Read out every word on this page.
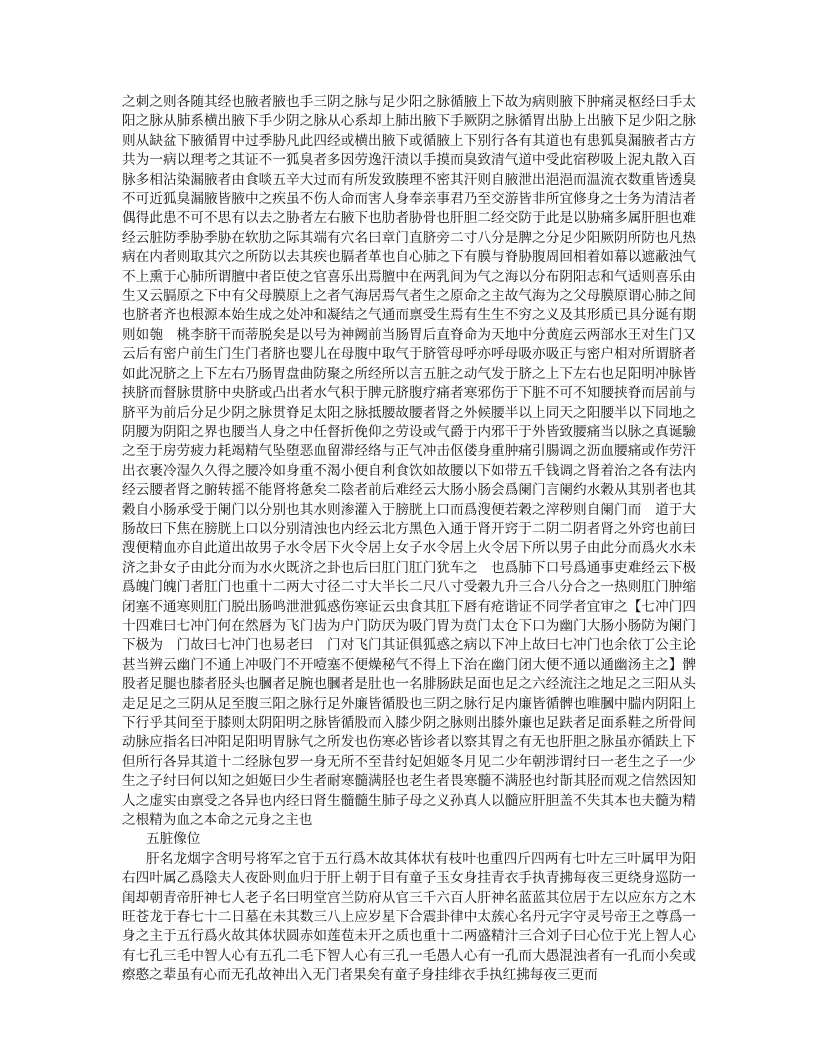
之刺之则各随其经也腋者腋也手三阴之脉与足少阳之脉循腋上下故为病则腋下肿痛灵枢经曰手太阳之脉从肺系横出腋下手少阴之脉从心系却上肺出腋下手厥阴之脉循胃出胁上出腋下足少阳之脉则从缺盆下腋循胃中过季胁凡此四经或横出腋下或循腋上下别行各有其道也有患狐臭漏腋者古方共为一病以理考之其证不一狐臭者多因劳逸汗渍以手摸而臭致清气道中受此宿秽吸上泥丸散入百脉多相沾染漏腋者由食啖五辛大过而有所发致腠理不密其汗则自腋泄出浥浥而温流衣数重皆透臭不可近狐臭漏腋皆腋中之疾虽不伤人命而害人身奉亲事君乃至交游皆非所宜修身之士务为清洁者偶得此患不可不思有以去之胁者左右腋下也肋者胁骨也肝胆二经交防于此是以胁痛多属肝胆也难经云脏防季胁季胁在软肋之际其端有穴名曰章门直脐旁二寸八分是脾之分足少阳厥阴所防也凡热病在内者则取其穴之所防以去其疾也膈者革也自心肺之下有膜与脊胁腹周回相着如幕以遮蔽浊气不上熏于心肺所谓膻中者臣使之官喜乐出焉膻中在两乳间为气之海以分布阴阳志和气适则喜乐由生又云膈原之下中有父母膜原上之者气海居焉气者生之原命之主故气海为之父母膜原谓心肺之间也脐者齐也根源本始生成之处冲和凝结之气通而禀受生焉有生生不穷之义及其形质已具分诞有期则如匏　桃李脐干而蒂脱矣是以号为神阙前当肠胃后直脊命为天地中分黄庭云两部水王对生门又云后有密户前生门生门者脐也婴儿在母腹中取气于脐管母呼亦呼母吸亦吸正与密户相对所谓脐者如此况脐之上下左右乃肠胃盘曲防聚之所经所以言五脏之动气发于脐之上下左右也足阳明冲脉皆挟脐而督脉贯脐中央脐或凸出者水气积于脾元脐腹疗痛者寒邪伤于下脏不可不知腰挟脊而居前与脐平为前后分足少阴之脉贯脊足太阳之脉抵腰故腰者肾之外候腰半以上同天之阳腰半以下同地之阴腰为阴阳之界也腰当人身之中任督折俛仰之劳设或气爵于内邪干于外皆致腰痛当以脉之真诞驗之至于房劳疲力耗竭精气坠堕恶血留滞经络与正气冲击伛偻身重肿痛引腸调之沥血腰痛或作劳汗出衣裹冷湿久久得之腰冷如身重不渴小便自利食饮如故腰以下如带五千钱调之肾着治之各有法内经云腰者肾之腑转摇不能肾将惫矣二陰者前后难经云大肠小肠会爲阑门言阑约水穀从其别者也其穀自小肠承受于阑门以分别也其水则渗灌入于膀胱上口而爲溲便若穀之滓秽则自阑门而　道于大肠故曰下焦在膀胱上口以分别清浊也内经云北方黑色入通于肾开窍于二阴二阴者肾之外窍也前曰溲便精血亦自此道出故男子水令居下火令居上女子水令居上火令居下所以男子由此分而爲火水未济之卦女子由此分而为水火既济之卦也后曰肛门肛门犹车之　也爲肺下口号爲通事吏难经云下极爲魄门魄门者肛门也重十二两大寸径二寸大半长二尺八寸受穀九升三合八分合之一热则肛门肿缩闭塞不通寒则肛门脱出肠鸣泄泄狐惑伤寒证云虫食其肛下唇有疮谐证不同学者宜审之【七冲门四十四难曰七冲门何在然唇为飞门齿为户门防厌为吸门胃为贲门太仓下口为幽门大肠小肠防为阑门下极为　门故曰七冲门也易老曰　门对飞门其证俱狐惑之病以下冲上故曰七冲门也余依丁公主论甚当辨云幽门不通上冲吸门不开噎塞不便燥秘气不得上下治在幽门闭大便不通以通幽汤主之】髀股者足腿也膝者胫头也膕者足腕也膕者是肚也一名腓肠趺足面也足之六经流注之地足之三阳从头走足足之三阴从足至腹三阳之脉行足外廉皆循股也三阴之脉行足内廉皆循髀也唯膕中腨内阴阳上下行乎其间至于膝则太阴阳明之脉皆循股而入膝少阴之脉则出膝外廉也足趺者足面系鞋之所骨间动脉应指名曰冲阳足阳明胃脉气之所发也伤寒必皆诊者以察其胃之有无也肝胆之脉虽亦循趺上下但所行各异其道十二经脉包罗一身无所不至昔纣妃妲姬冬月见二少年朝涉谓纣曰一老生之子一少生之子纣曰何以知之妲姬曰少生者耐寒髓满胫也老生者畏寒髓不满胫也纣斮其胫而观之信然因知人之虚实由禀受之各异也内经曰肾生髓髓生肺子母之义孙真人以髓应肝胆盖不失其本也夫髓为精之根精为血之本命之元身之主也

五脏像位

肝名龙烟字含明号将军之官于五行爲木故其体状有枝叶也重四斤四两有七叶左三叶属甲为阳右四叶属乙爲陰夫人夜卧则血归于肝上朝于目有童子玉女身挂青衣手执青拂每夜三更绕身巡防一闺却朝青帝肝神七人老子名曰明堂宫兰防府从官三千六百人肝神名蓝蓝其位居于左以应东方之木旺苍龙于春七十二日墓在未其数三八上应岁星下合震卦律中太蔟心名丹元字守灵号帝王之尊爲一身之主于五行爲火故其体状圆赤如莲苞未开之质也重十二两盛精汁三合刘子曰心位于光上智人心有七孔三毛中智人心有五孔二毛下智人心有三孔一毛愚人心有一孔而大愚混浊者有一孔而小矣或瘵憨之辈虽有心而无孔故神出入无门者果矣有童子身挂绯衣手执红拂每夜三更而
